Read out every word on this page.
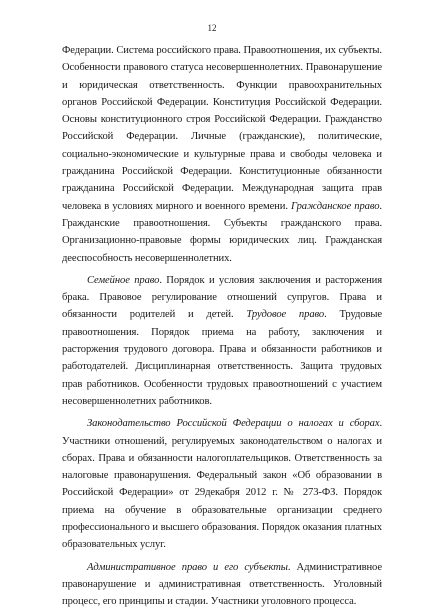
12

Федерации. Система российского права. Правоотношения, их субъекты. Особенности правового статуса несовершеннолетних. Правонарушение и юридическая ответственность. Функции правоохранительных органов Российской Федерации. Конституция Российской Федерации. Основы конституционного строя Российской Федерации. Гражданство Российской Федерации. Личные (гражданские), политические, социально-экономические и культурные права и свободы человека и гражданина Российской Федерации. Конституционные обязанности гражданина Российской Федерации. Международная защита прав человека в условиях мирного и военного времени. Гражданское право. Гражданские правоотношения. Субъекты гражданского права. Организационно-правовые формы юридических лиц. Гражданская дееспособность несовершеннолетних.

Семейное право. Порядок и условия заключения и расторжения брака. Правовое регулирование отношений супругов. Права и обязанности родителей и детей. Трудовое право. Трудовые правоотношения. Порядок приема на работу, заключения и расторжения трудового договора. Права и обязанности работников и работодателей. Дисциплинарная ответственность. Защита трудовых прав работников. Особенности трудовых правоотношений с участием несовершеннолетних работников.

Законодательство Российской Федерации о налогах и сборах. Участники отношений, регулируемых законодательством о налогах и сборах. Права и обязанности налогоплательщиков. Ответственность за налоговые правонарушения. Федеральный закон «Об образовании в Российской Федерации» от 29декабря 2012 г. № 273-ФЗ. Порядок приема на обучение в образовательные организации среднего профессионального и высшего образования. Порядок оказания платных образовательных услуг.

Административное право и его субъекты. Административное правонарушение и административная ответственность. Уголовный процесс, его принципы и стадии. Участники уголовного процесса.
